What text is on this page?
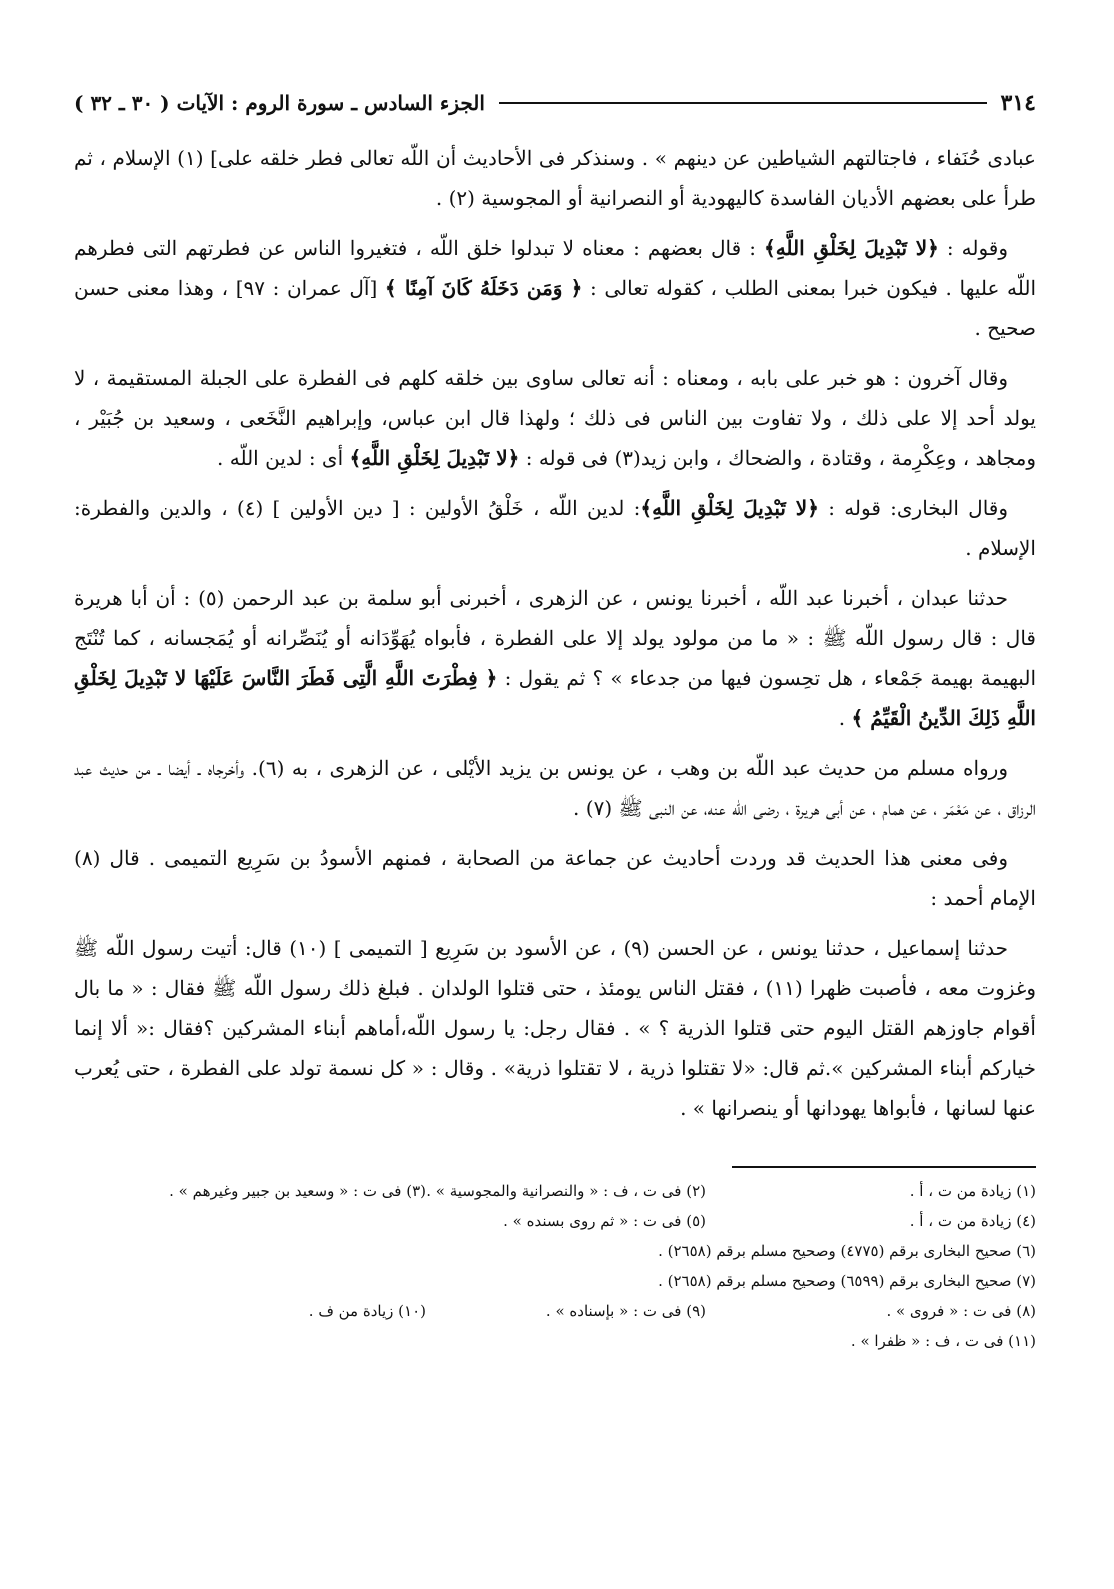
٣١٤
الجزء السادس ـ سورة الروم : الآيات ( ٣٠ ـ ٣٢ )

عبادى حُنَفاء ، فاجتالتهم الشياطين عن دينهم » . وسنذكر فى الأحاديث أن اللّه تعالى فطر خلقه على] (١) الإسلام ، ثم طرأ على بعضهم الأديان الفاسدة كاليهودية أو النصرانية أو المجوسية (٢) .

وقوله : ﴿لا تَبْدِيلَ لِخَلْقِ اللَّهِ﴾ : قال بعضهم : معناه لا تبدلوا خلق اللّه ، فتغيروا الناس عن فطرتهم التى فطرهم اللّه عليها . فيكون خبرا بمعنى الطلب ، كقوله تعالى : ﴿ وَمَن دَخَلَهُ كَانَ آمِنًا ﴾ [آل عمران : ٩٧] ، وهذا معنى حسن صحيح .

وقال آخرون : هو خبر على بابه ، ومعناه : أنه تعالى ساوى بين خلقه كلهم فى الفطرة على الجبلة المستقيمة ، لا يولد أحد إلا على ذلك ، ولا تفاوت بين الناس فى ذلك ؛ ولهذا قال ابن عباس، وإبراهيم النَّخَعى ، وسعيد بن جُبَيْر ، ومجاهد ، وعِكْرِمة ، وقتادة ، والضحاك ، وابن زيد(٣) فى قوله : ﴿لا تَبْدِيلَ لِخَلْقِ اللَّهِ﴾ أى : لدين اللّه .

وقال البخارى: قوله : ﴿لا تَبْدِيلَ لِخَلْقِ اللَّهِ﴾: لدين اللّه ، خَلْقُ الأولين : [ دين الأولين ] (٤) ، والدين والفطرة: الإسلام .

حدثنا عبدان ، أخبرنا عبد اللّه ، أخبرنا يونس ، عن الزهرى ، أخبرنى أبو سلمة بن عبد الرحمن (٥) : أن أبا هريرة قال : قال رسول اللّه ﷺ : « ما من مولود يولد إلا على الفطرة ، فأبواه يُهَوِّدَانه أو يُنَصِّرانه أو يُمَجسانه ، كما تُنْتَج البهيمة بهيمة جَمْعاء ، هل تحِسون فيها من جدعاء » ؟ ثم يقول : ﴿ فِطْرَتَ اللَّهِ الَّتِى فَطَرَ النَّاسَ عَلَيْهَا لا تَبْدِيلَ لِخَلْقِ اللَّهِ ذَلِكَ الدِّينُ الْقَيِّمُ ﴾ .

ورواه مسلم من حديث عبد اللّه بن وهب ، عن يونس بن يزيد الأيْلى ، عن الزهرى ، به (٦). وأخرجاه ـ أيضا ـ من حديث عبد الرزاق ، عن مَعْمَر ، عن همام ، عن أبى هريرة ، رضى اللّه عنه، عن النبى ﷺ (٧) .

وفى معنى هذا الحديث قد وردت أحاديث عن جماعة من الصحابة ، فمنهم الأسودُ بن سَرِيع التميمى . قال (٨) الإمام أحمد :

حدثنا إسماعيل ، حدثنا يونس ، عن الحسن (٩) ، عن الأسود بن سَرِيع [ التميمى ] (١٠) قال: أتيت رسول اللّه ﷺ وغزوت معه ، فأصبت ظهرا (١١) ، فقتل الناس يومئذ ، حتى قتلوا الولدان . فبلغ ذلك رسول اللّه ﷺ فقال : « ما بال أقوام جاوزهم القتل اليوم حتى قتلوا الذرية ؟ » . فقال رجل: يا رسول اللّه،أماهم أبناء المشركين ؟فقال :« ألا إنما خياركم أبناء المشركين ».ثم قال: «لا تقتلوا ذرية ، لا تقتلوا ذرية» . وقال : « كل نسمة تولد على الفطرة ، حتى يُعرب عنها لسانها ، فأبواها يهودانها أو ينصرانها » .

(١) زيادة من ت ، أ .
(٢) فى ت ، ف : « والنصرانية والمجوسية » .
(٣) فى ت : « وسعيد بن جبير وغيرهم » .
(٤) زيادة من ت ، أ .
(٥) فى ت : « ثم روى بسنده » .
(٦) صحيح البخارى برقم (٤٧٧٥) وصحيح مسلم برقم (٢٦٥٨) .
(٧) صحيح البخارى برقم (٦٥٩٩) وصحيح مسلم برقم (٢٦٥٨) .
(٨) فى ت : « فروى » .
(٩) فى ت : « بإسناده » .
(١٠) زيادة من ف .
(١١) فى ت ، ف : « ظفرا » .
